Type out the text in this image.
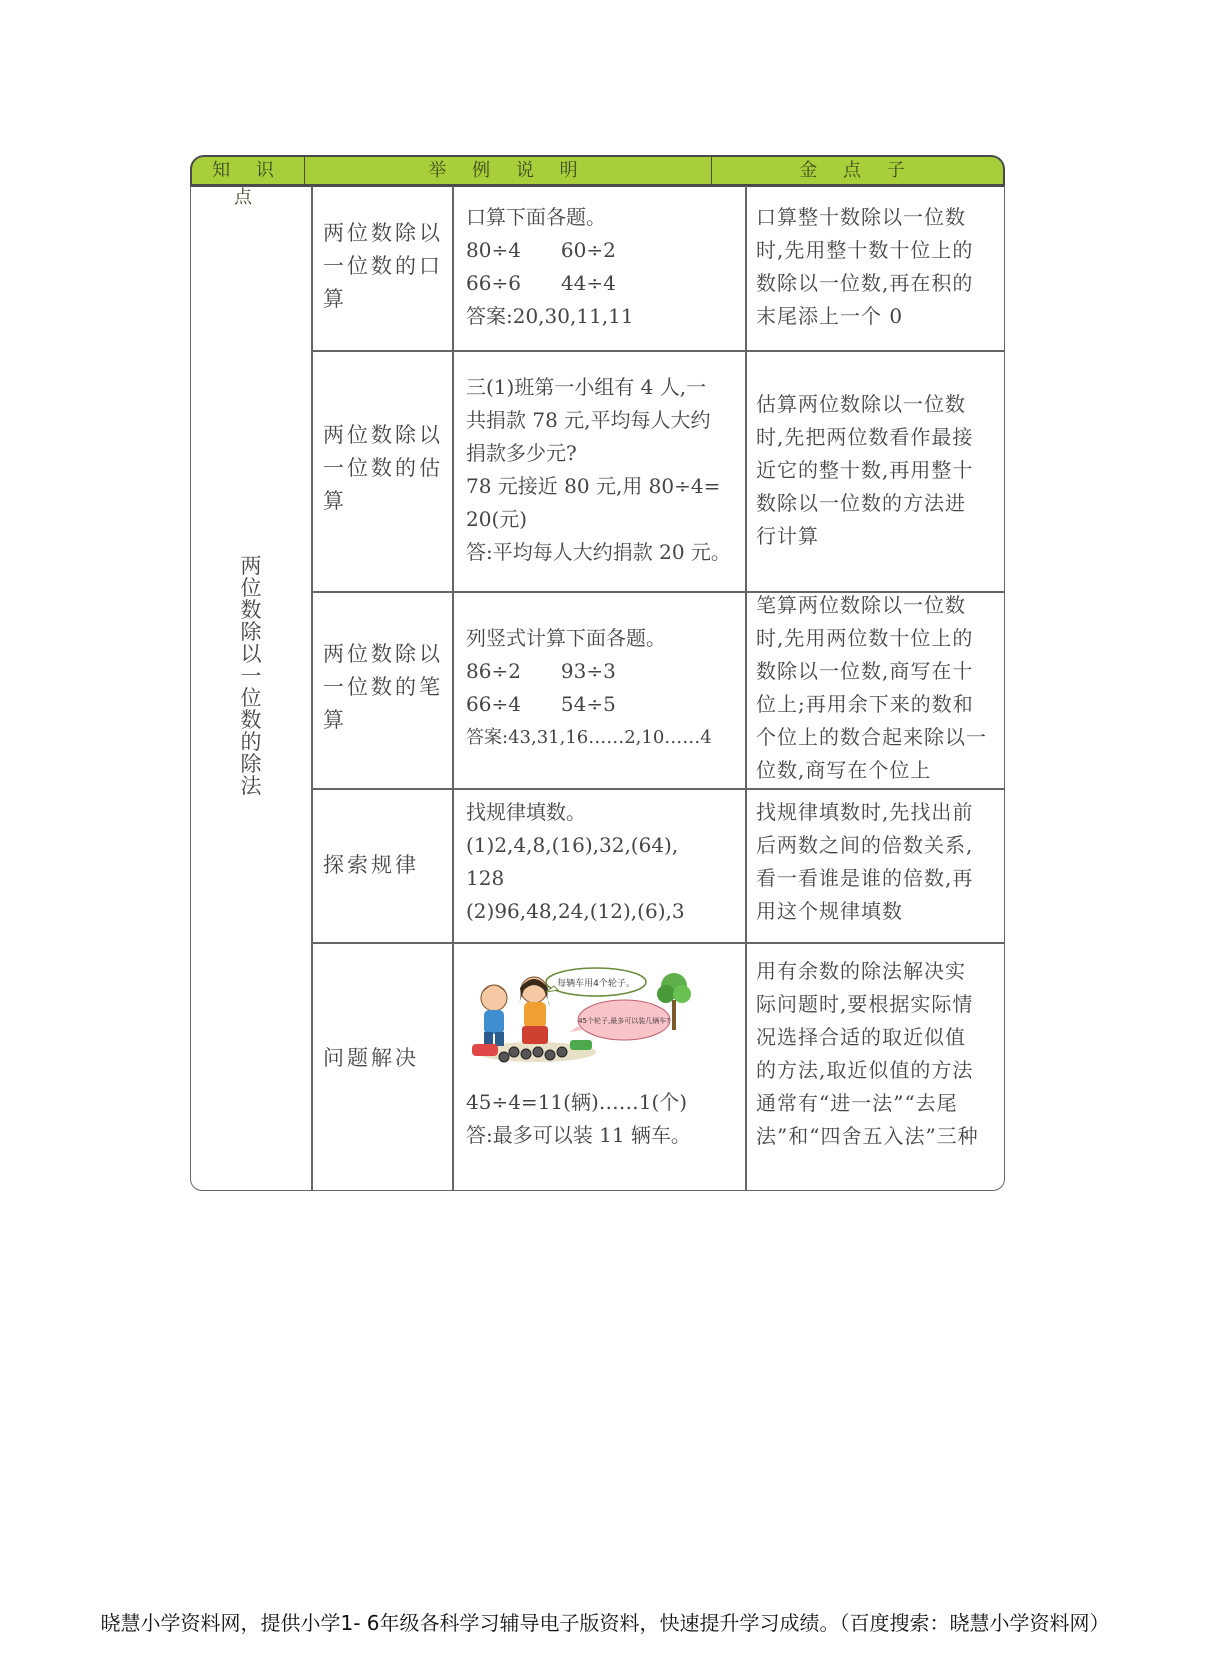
知 识 点
举 例 说 明	金 点 子
两位数除以一位数的除法
两位数除以
一位数的口
算
口算下面各题。
80÷4　　60÷2
66÷6　　44÷4
答案:20,30,11,11
口算整十数除以一位数
时,先用整十数十位上的
数除以一位数,再在积的
末尾添上一个 0
两位数除以
一位数的估
算
三(1)班第一小组有 4 人,一
共捐款 78 元,平均每人大约
捐款多少元?
78 元接近 80 元,用 80÷4=
20(元)
答:平均每人大约捐款 20 元。
估算两位数除以一位数
时,先把两位数看作最接
近它的整十数,再用整十
数除以一位数的方法进
行计算
两位数除以
一位数的笔
算
列竖式计算下面各题。
86÷2　　93÷3
66÷4　　54÷5
答案:43,31,16……2,10……4
笔算两位数除以一位数
时,先用两位数十位上的
数除以一位数,商写在十
位上;再用余下来的数和
个位上的数合起来除以一
位数,商写在个位上
探索规律
找规律填数。
(1)2,4,8,(16),32,(64),
128
(2)96,48,24,(12),(6),3
找规律填数时,先找出前
后两数之间的倍数关系,
看一看谁是谁的倍数,再
用这个规律填数
问题解决
每辆车用4个轮子。
45个轮子,最多可以装几辆车?
45÷4=11(辆)……1(个)
答:最多可以装 11 辆车。
用有余数的除法解决实
际问题时,要根据实际情
况选择合适的取近似值
的方法,取近似值的方法
通常有“进一法”“去尾
法”和“四舍五入法”三种
晓慧小学资料网，提供小学1- 6年级各科学习辅导电子版资料，快速提升学习成绩。（百度搜索：晓慧小学资料网）
